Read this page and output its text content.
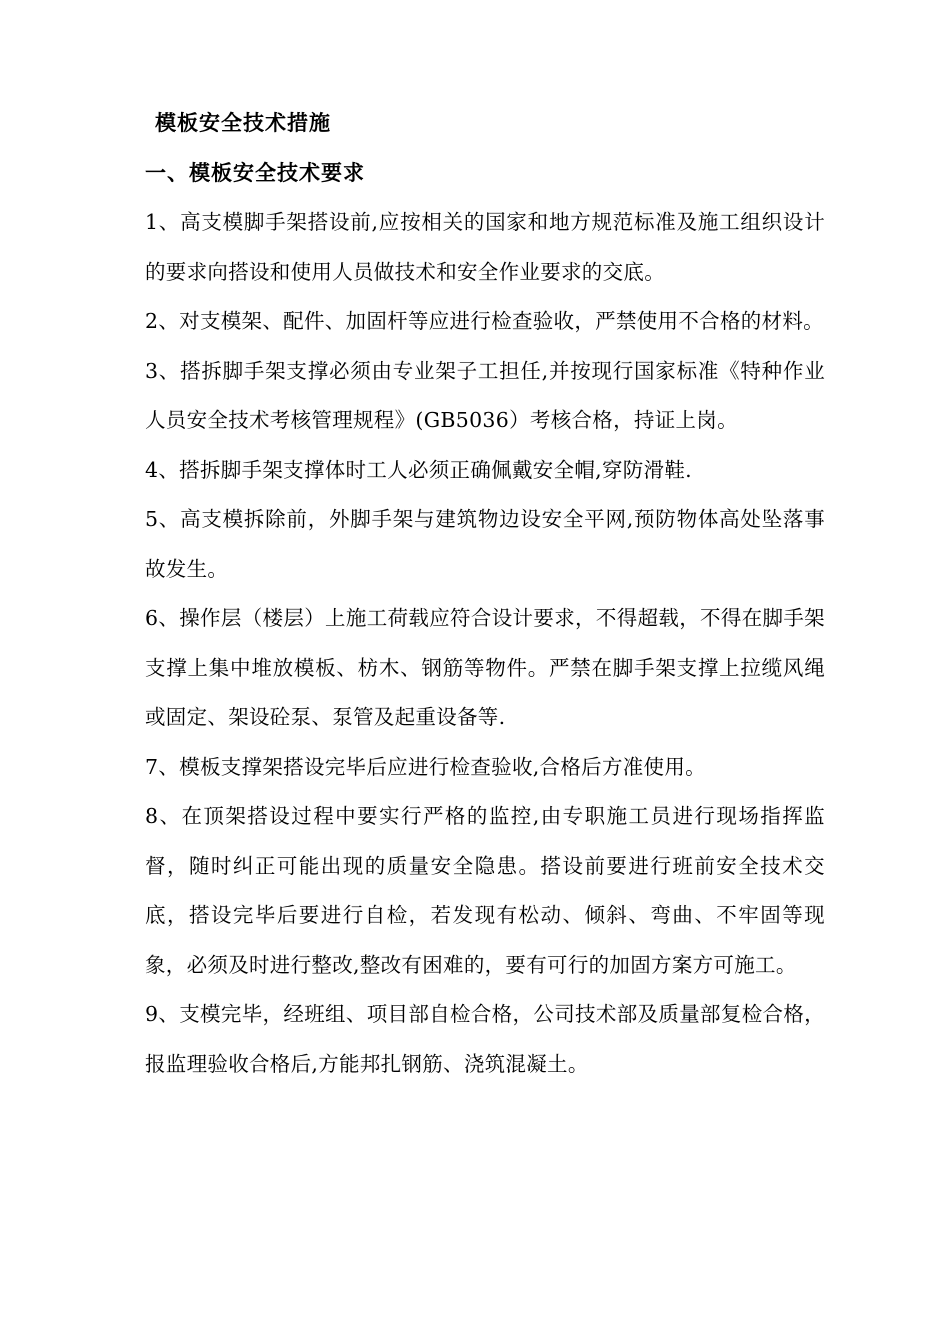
模板安全技术措施
一、模板安全技术要求

1、高支模脚手架搭设前,应按相关的国家和地方规范标准及施工组织设计的要求向搭设和使用人员做技术和安全作业要求的交底。

2、对支模架、配件、加固杆等应进行检查验收，严禁使用不合格的材料。

3、搭拆脚手架支撑必须由专业架子工担任,并按现行国家标准《特种作业人员安全技术考核管理规程》(GB5036）考核合格，持证上岗。

4、搭拆脚手架支撑体时工人必须正确佩戴安全帽,穿防滑鞋.

5、高支模拆除前，外脚手架与建筑物边设安全平网,预防物体高处坠落事故发生。

6、操作层（楼层）上施工荷载应符合设计要求，不得超载，不得在脚手架支撑上集中堆放模板、枋木、钢筋等物件。严禁在脚手架支撑上拉缆风绳或固定、架设砼泵、泵管及起重设备等.

7、模板支撑架搭设完毕后应进行检查验收,合格后方准使用。

8、在顶架搭设过程中要实行严格的监控,由专职施工员进行现场指挥监督，随时纠正可能出现的质量安全隐患。搭设前要进行班前安全技术交底，搭设完毕后要进行自检，若发现有松动、倾斜、弯曲、不牢固等现象，必须及时进行整改,整改有困难的，要有可行的加固方案方可施工。

9、支模完毕，经班组、项目部自检合格，公司技术部及质量部复检合格，报监理验收合格后,方能邦扎钢筋、浇筑混凝土。
